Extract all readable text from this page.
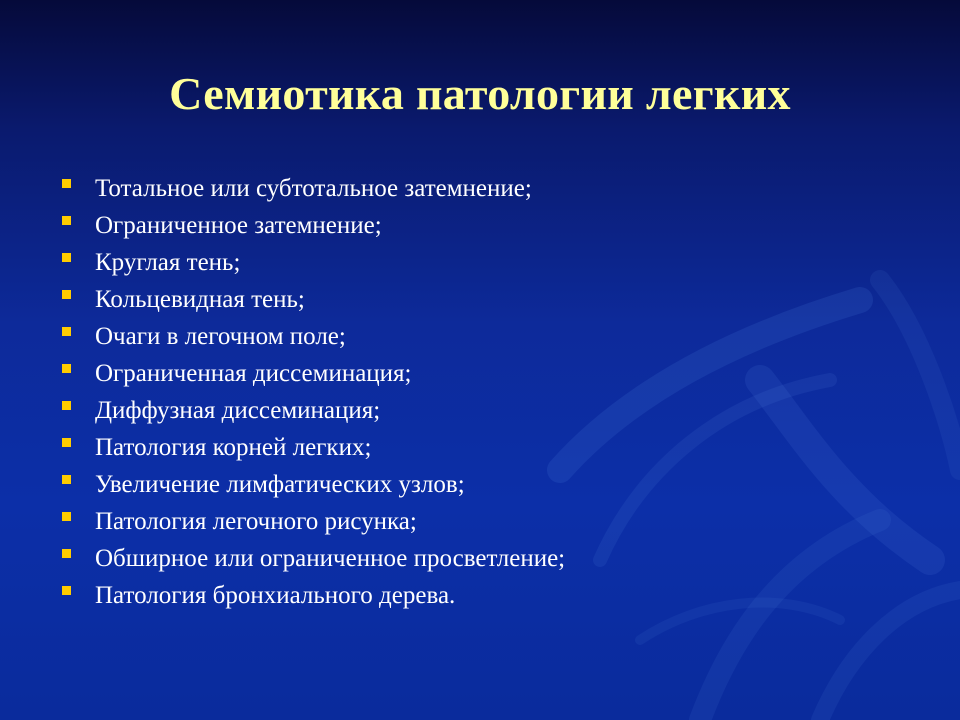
Семиотика патологии легких
Тотальное или субтотальное затемнение;
Ограниченное затемнение;
Круглая тень;
Кольцевидная тень;
Очаги в легочном поле;
Ограниченная диссеминация;
Диффузная диссеминация;
Патология корней легких;
Увеличение лимфатических узлов;
Патология легочного рисунка;
Обширное или ограниченное просветление;
Патология бронхиального дерева.
